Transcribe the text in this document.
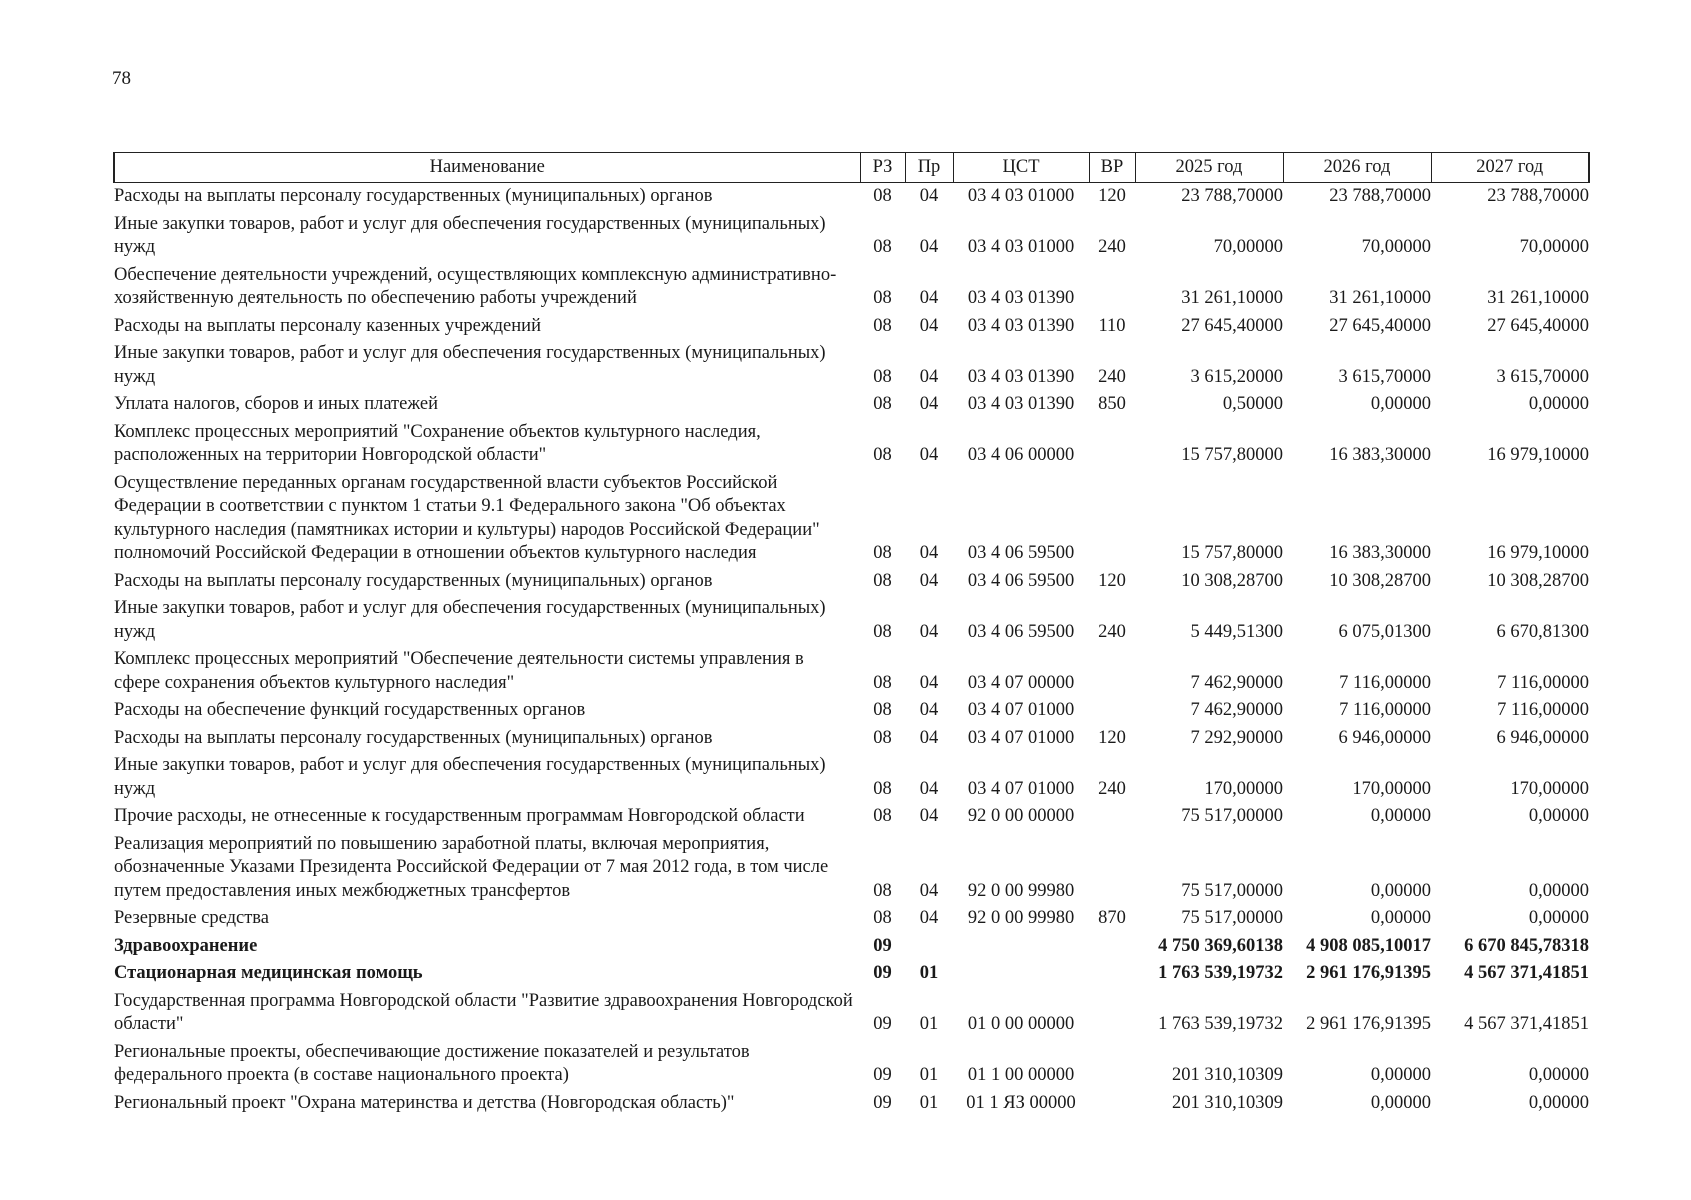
78
Наименование	РЗ	Пр	ЦСТ	ВР	2025 год	2026 год	2027 год
Расходы на выплаты персоналу государственных (муниципальных) органов	08	04	03 4 03 01000	120	23 788,70000	23 788,70000	23 788,70000
Иные закупки товаров, работ и услуг для обеспечения государственных (муниципальных) нужд	08	04	03 4 03 01000	240	70,00000	70,00000	70,00000
Обеспечение деятельности учреждений, осуществляющих комплексную административно-хозяйственную деятельность по обеспечению работы учреждений	08	04	03 4 03 01390		31 261,10000	31 261,10000	31 261,10000
Расходы на выплаты персоналу казенных учреждений	08	04	03 4 03 01390	110	27 645,40000	27 645,40000	27 645,40000
Иные закупки товаров, работ и услуг для обеспечения государственных (муниципальных) нужд	08	04	03 4 03 01390	240	3 615,20000	3 615,70000	3 615,70000
Уплата налогов, сборов и иных платежей	08	04	03 4 03 01390	850	0,50000	0,00000	0,00000
Комплекс процессных мероприятий "Сохранение объектов культурного наследия, расположенных на территории Новгородской области"	08	04	03 4 06 00000		15 757,80000	16 383,30000	16 979,10000
Осуществление переданных органам государственной власти субъектов Российской Федерации в соответствии с пунктом 1 статьи 9.1 Федерального закона "Об объектах культурного наследия (памятниках истории и культуры) народов Российской Федерации" полномочий Российской Федерации в отношении объектов культурного наследия	08	04	03 4 06 59500		15 757,80000	16 383,30000	16 979,10000
Расходы на выплаты персоналу государственных (муниципальных) органов	08	04	03 4 06 59500	120	10 308,28700	10 308,28700	10 308,28700
Иные закупки товаров, работ и услуг для обеспечения государственных (муниципальных) нужд	08	04	03 4 06 59500	240	5 449,51300	6 075,01300	6 670,81300
Комплекс процессных мероприятий "Обеспечение деятельности системы управления в сфере сохранения объектов культурного наследия"	08	04	03 4 07 00000		7 462,90000	7 116,00000	7 116,00000
Расходы на обеспечение функций государственных органов	08	04	03 4 07 01000		7 462,90000	7 116,00000	7 116,00000
Расходы на выплаты персоналу государственных (муниципальных) органов	08	04	03 4 07 01000	120	7 292,90000	6 946,00000	6 946,00000
Иные закупки товаров, работ и услуг для обеспечения государственных (муниципальных) нужд	08	04	03 4 07 01000	240	170,00000	170,00000	170,00000
Прочие расходы, не отнесенные к государственным программам Новгородской области	08	04	92 0 00 00000		75 517,00000	0,00000	0,00000
Реализация мероприятий по повышению заработной платы, включая мероприятия, обозначенные Указами Президента Российской Федерации от 7 мая 2012 года, в том числе путем предоставления иных межбюджетных трансфертов	08	04	92 0 00 99980		75 517,00000	0,00000	0,00000
Резервные средства	08	04	92 0 00 99980	870	75 517,00000	0,00000	0,00000
Здравоохранение	09				4 750 369,60138	4 908 085,10017	6 670 845,78318
Стационарная медицинская помощь	09	01			1 763 539,19732	2 961 176,91395	4 567 371,41851
Государственная программа Новгородской области "Развитие здравоохранения Новгородской области"	09	01	01 0 00 00000		1 763 539,19732	2 961 176,91395	4 567 371,41851
Региональные проекты, обеспечивающие достижение показателей и результатов федерального проекта (в составе национального проекта)	09	01	01 1 00 00000		201 310,10309	0,00000	0,00000
Региональный проект "Охрана материнства и детства (Новгородская область)"	09	01	01 1 ЯЗ 00000		201 310,10309	0,00000	0,00000
